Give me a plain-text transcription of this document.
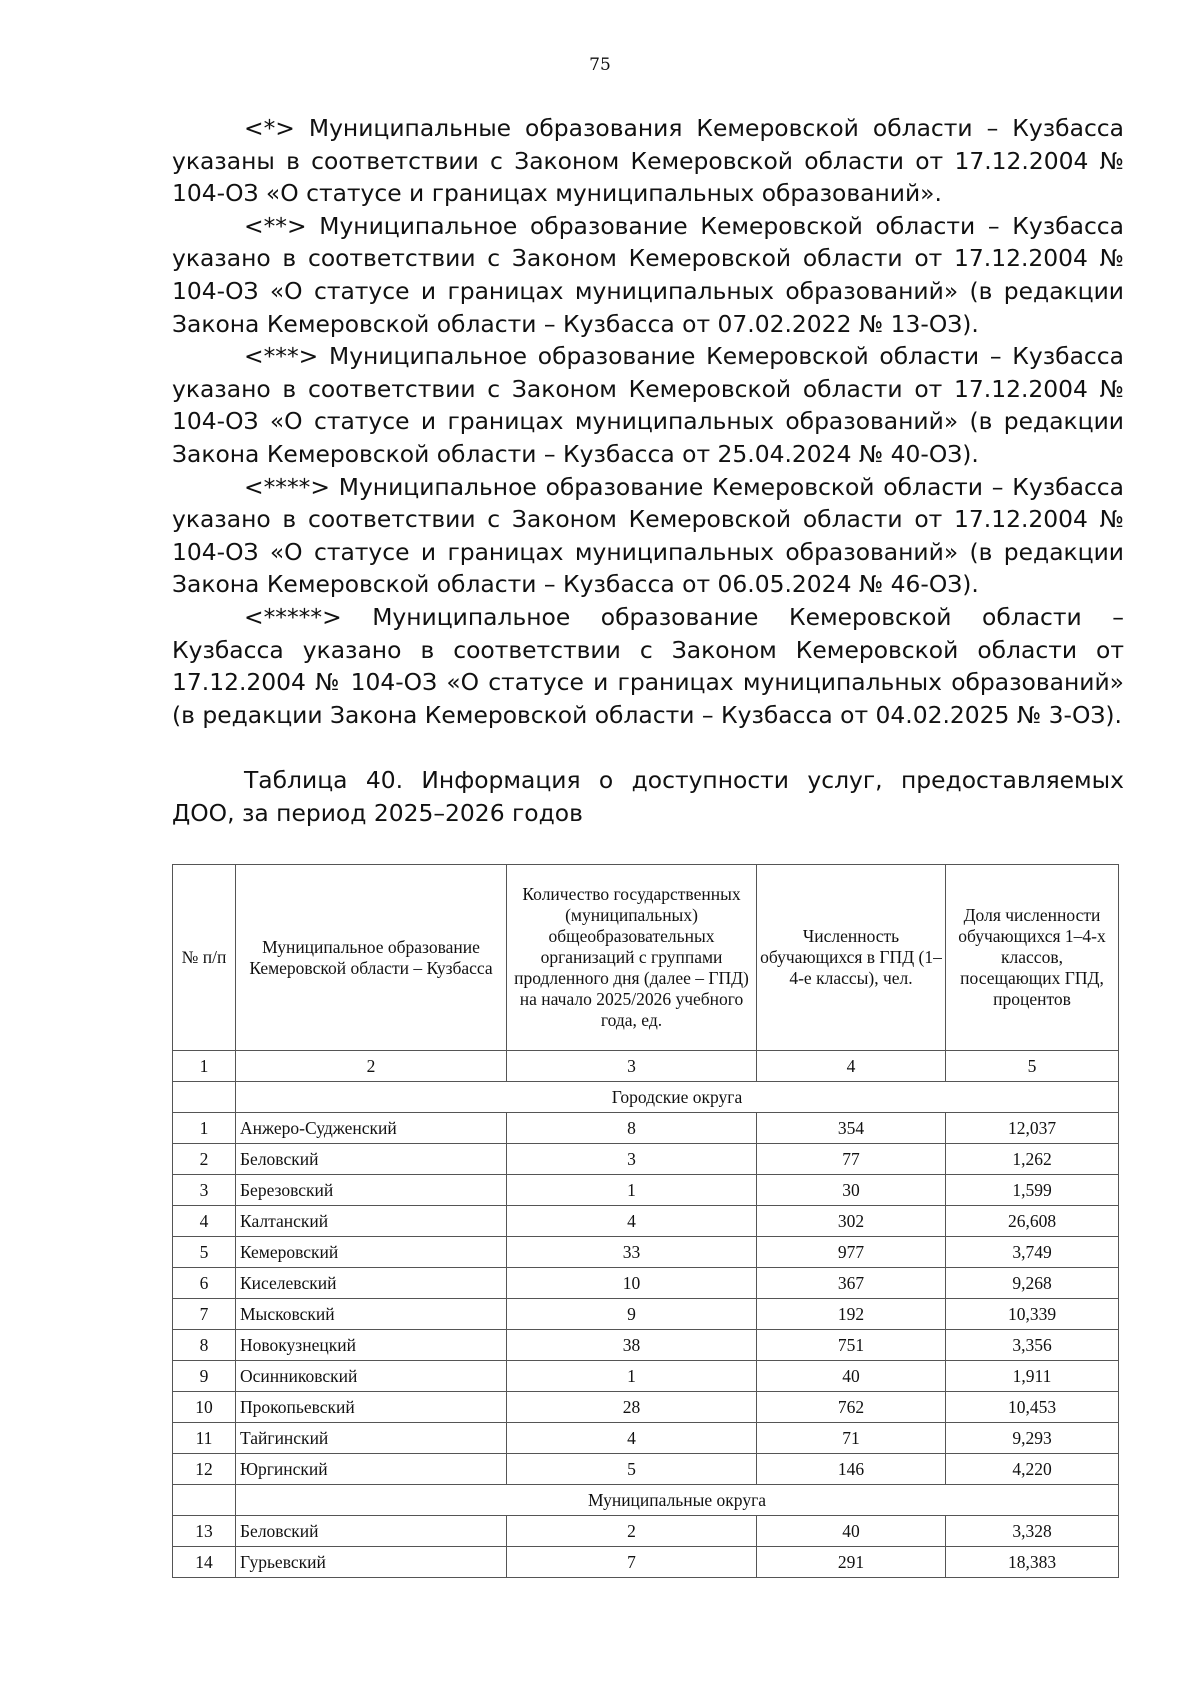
75

<*> Муниципальные образования Кемеровской области – Кузбасса указаны в соответствии с Законом Кемеровской области от 17.12.2004 № 104-ОЗ «О статусе и границах муниципальных образований».

<**> Муниципальное образование Кемеровской области – Кузбасса указано в соответствии с Законом Кемеровской области от 17.12.2004 № 104-ОЗ «О статусе и границах муниципальных образований» (в редакции Закона Кемеровской области – Кузбасса от 07.02.2022 № 13-ОЗ).

<***> Муниципальное образование Кемеровской области – Кузбасса указано в соответствии с Законом Кемеровской области от 17.12.2004 № 104-ОЗ «О статусе и границах муниципальных образований» (в редакции Закона Кемеровской области – Кузбасса от 25.04.2024 № 40-ОЗ).

<****> Муниципальное образование Кемеровской области – Кузбасса указано в соответствии с Законом Кемеровской области от 17.12.2004 № 104-ОЗ «О статусе и границах муниципальных образований» (в редакции Закона Кемеровской области – Кузбасса от 06.05.2024 № 46-ОЗ).

<*****> Муниципальное образование Кемеровской области – Кузбасса указано в соответствии с Законом Кемеровской области от 17.12.2004 № 104-ОЗ «О статусе и границах муниципальных образований» (в редакции Закона Кемеровской области – Кузбасса от 04.02.2025 № 3-ОЗ).

Таблица 40. Информация о доступности услуг, предоставляемых ДОО, за период 2025–2026 годов
№ п/п	Муниципальное образование Кемеровской области – Кузбасса	Количество государственных (муниципальных) общеобразовательных организаций с группами продленного дня (далее – ГПД) на начало 2025/2026 учебного года, ед.	Численность обучающихся в ГПД (1–4-е классы), чел.	Доля численности обучающихся 1–4-х классов, посещающих ГПД, процентов
1	2	3	4	5
	Городские округа			
1	Анжеро-Судженский	8	354	12,037
2	Беловский	3	77	1,262
3	Березовский	1	30	1,599
4	Калтанский	4	302	26,608
5	Кемеровский	33	977	3,749
6	Киселевский	10	367	9,268
7	Мысковский	9	192	10,339
8	Новокузнецкий	38	751	3,356
9	Осинниковский	1	40	1,911
10	Прокопьевский	28	762	10,453
11	Тайгинский	4	71	9,293
12	Юргинский	5	146	4,220
	Муниципальные округа			
13	Беловский	2	40	3,328
14	Гурьевский	7	291	18,383
